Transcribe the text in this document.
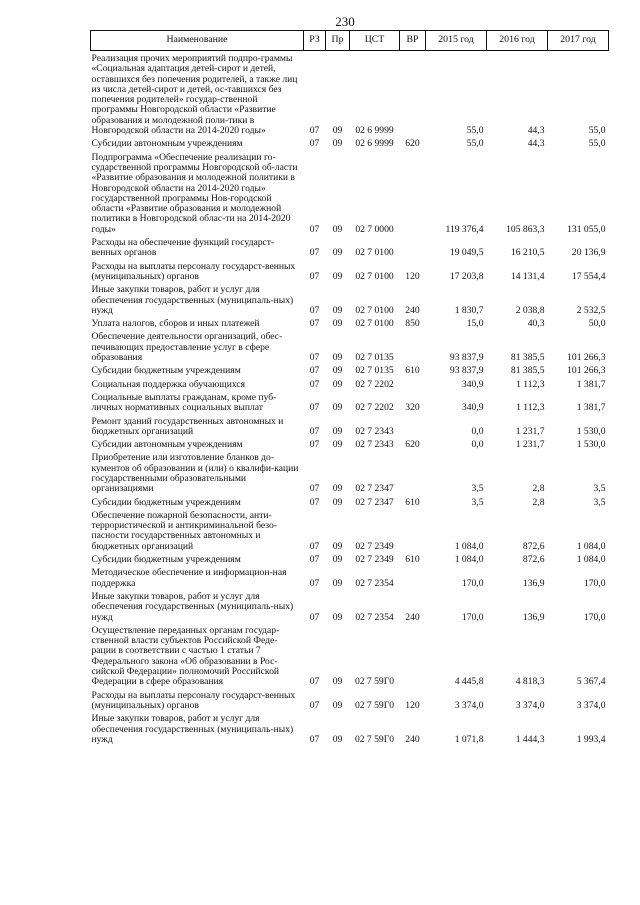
230
Наименование	РЗ	Пр	ЦСТ	ВР	2015 год	2016 год	2017 год
Реализация прочих мероприятий подпро-граммы «Социальная адаптация детей-сирот и детей, оставшихся без попечения родителей, а также лиц из числа детей-сирот и детей, ос-тавшихся без попечения родителей» государ-ственной программы Новгородской области «Развитие образования и молодежной поли-тики в Новгородской области на 2014-2020 годы»	07	09	02 6 9999		55,0	44,3	55,0
Субсидии автономным учреждениям	07	09	02 6 9999	620	55,0	44,3	55,0
Подпрограмма «Обеспечение реализации го-сударственной программы Новгородской об-ласти «Развитие образования и молодежной политики в Новгородской области на 2014-2020 годы» государственной программы Нов-городской области «Развитие образования и молодежной политики в Новгородской облас-ти на 2014-2020 годы»	07	09	02 7 0000		119 376,4	105 863,3	131 055,0
Расходы на обеспечение функций государст-венных органов	07	09	02 7 0100		19 049,5	16 210,5	20 136,9
Расходы на выплаты персоналу государст-венных (муниципальных) органов	07	09	02 7 0100	120	17 203,8	14 131,4	17 554,4
Иные закупки товаров, работ и услуг для обеспечения государственных (муниципаль-ных) нужд	07	09	02 7 0100	240	1 830,7	2 038,8	2 532,5
Уплата налогов, сборов и иных платежей	07	09	02 7 0100	850	15,0	40,3	50,0
Обеспечение деятельности организаций, обес-печивающих предоставление услуг в сфере образования	07	09	02 7 0135		93 837,9	81 385,5	101 266,3
Субсидии бюджетным учреждениям	07	09	02 7 0135	610	93 837,9	81 385,5	101 266,3
Социальная поддержка обучающихся	07	09	02 7 2202		340,9	1 112,3	1 381,7
Социальные выплаты гражданам, кроме пуб-личных нормативных социальных выплат	07	09	02 7 2202	320	340,9	1 112,3	1 381,7
Ремонт зданий государственных автономных и бюджетных организаций	07	09	02 7 2343		0,0	1 231,7	1 530,0
Субсидии автономным учреждениям	07	09	02 7 2343	620	0,0	1 231,7	1 530,0
Приобретение или изготовление бланков до-кументов об образовании и (или) о квалифи-кации государственными образовательными организациями	07	09	02 7 2347		3,5	2,8	3,5
Субсидии бюджетным учреждениям	07	09	02 7 2347	610	3,5	2,8	3,5
Обеспечение пожарной безопасности, анти-террористической и антикриминальной безо-пасности государственных автономных и бюджетных организаций	07	09	02 7 2349		1 084,0	872,6	1 084,0
Субсидии бюджетным учреждениям	07	09	02 7 2349	610	1 084,0	872,6	1 084,0
Методическое обеспечение и информацион-ная поддержка	07	09	02 7 2354		170,0	136,9	170,0
Иные закупки товаров, работ и услуг для обеспечения государственных (муниципаль-ных) нужд	07	09	02 7 2354	240	170,0	136,9	170,0
Осуществление переданных органам государ-ственной власти субъектов Российской Феде-рации в соответствии с частью 1 статьи 7 Федерального закона «Об образовании в Рос-сийской Федерации» полномочий Российской Федерации в сфере образования	07	09	02 7 59Г0		4 445,8	4 818,3	5 367,4
Расходы на выплаты персоналу государст-венных (муниципальных) органов	07	09	02 7 59Г0	120	3 374,0	3 374,0	3 374,0
Иные закупки товаров, работ и услуг для обеспечения государственных (муниципаль-ных) нужд	07	09	02 7 59Г0	240	1 071,8	1 444,3	1 993,4
